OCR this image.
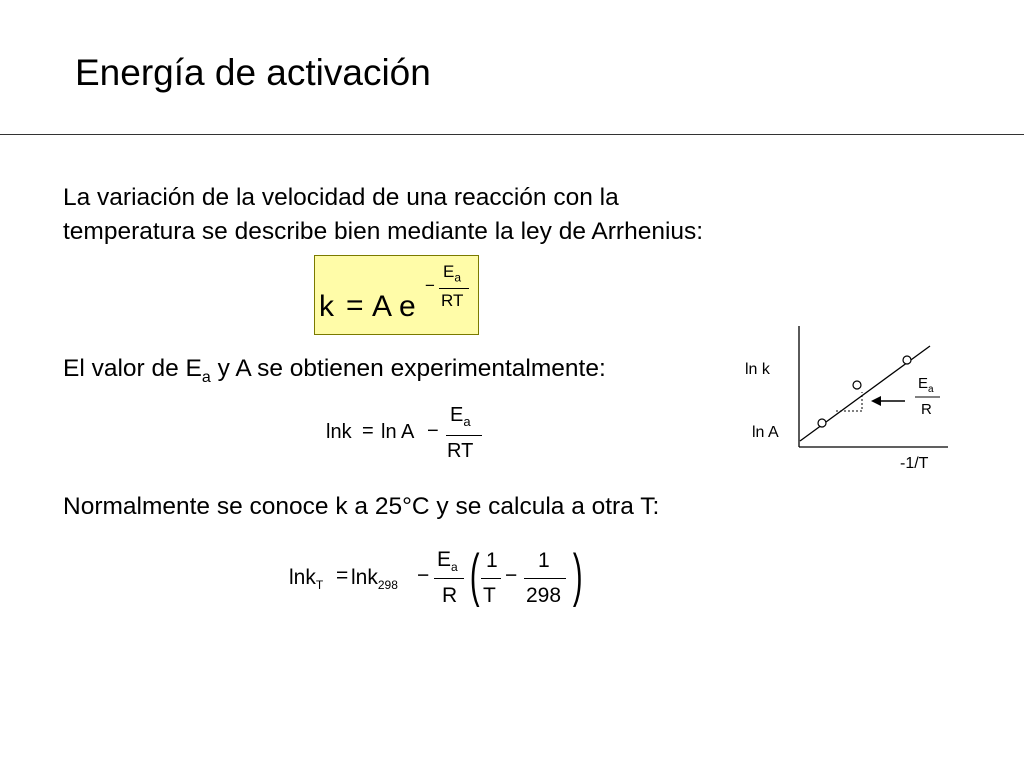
Energía de activación
La variación de la velocidad de una reacción con la
temperatura se describe bien mediante la ley de Arrhenius:
k = A e
−
$E_a$
RT
El valor de $E_a$ y A se obtienen experimentalmente:
lnk = ln A −
$E_a$
RT
ln k
ln A
-1/T
$E_a$
R
Normalmente se conoce k a 25°C y se calcula a otra T:
lnk$_T$ = lnk$_{298}$ −
$E_a$
R ( 1
T
−
1
298 )
